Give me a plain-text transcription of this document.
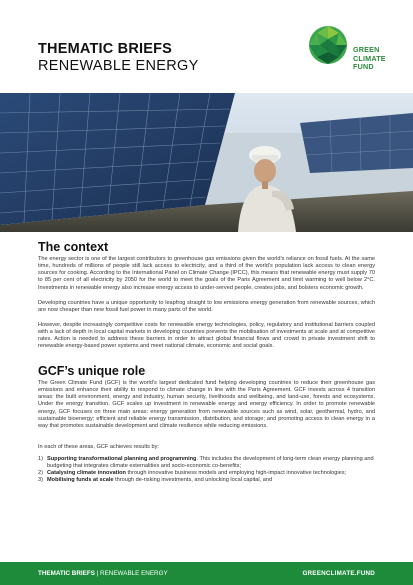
THEMATIC BRIEFS
RENEWABLE ENERGY
GREEN
CLIMATE
FUND
The context
The energy sector is one of the largest contributors to greenhouse gas emissions given the world’s reliance on fossil fuels. At the same time, hundreds of millions of people still lack access to electricity, and a third of the world’s population lack access to clean energy sources for cooking. According to the International Panel on Climate Change (IPCC), this means that renewable energy must supply 70 to 85 per cent of all electricity by 2050 for the world to meet the goals of the Paris Agreement and limit warming to well below 2°C. Investments in renewable energy also increase energy access to under-served people, creates jobs, and bolsters economic growth.
Developing countries have a unique opportunity to leapfrog straight to low emissions energy generation from renewable sources, which are now cheaper than new fossil fuel power in many parts of the world.
However, despite increasingly competitive costs for renewable energy technologies, policy, regulatory and institutional barriers coupled with a lack of depth in local capital markets in developing countries prevents the mobilisation of investments at scale and at competitive rates. Action is needed to address these barriers in order to attract global financial flows and crowd in private investment shift to renewable energy-based power systems and meet national climate, economic and social goals.
GCF’s unique role
The Green Climate Fund (GCF) is the world’s largest dedicated fund helping developing countries to reduce their greenhouse gas emissions and enhance their ability to respond to climate change in line with the Paris Agreement. GCF invests across 4 transition areas: the built environment, energy and industry, human security, livelihoods and wellbeing, and land-use, forests and ecosystems. Under the energy transition, GCF scales up investment in renewable energy and energy efficiency. In order to promote renewable energy, GCF focuses on three main areas: energy generation from renewable sources such as wind, solar, geothermal, hydro, and sustainable bioenergy; efficient and reliable energy transmission, distribution, and storage; and promoting access to clean energy in a way that promotes sustainable development and climate resilience while reducing emissions.
In each of these areas, GCF achieves results by:
1) Supporting transformational planning and programming. This includes the development of long-term clean energy planning and budgeting that integrates climate externalities and socio-economic co-benefits;
2) Catalysing climate innovation through innovative business models and employing high-impact innovative technologies;
3) Mobilising funds at scale through de-risking investments, and unlocking local capital, and
THEMATIC BRIEFS | RENEWABLE ENERGY	GREENCLIMATE.FUND
